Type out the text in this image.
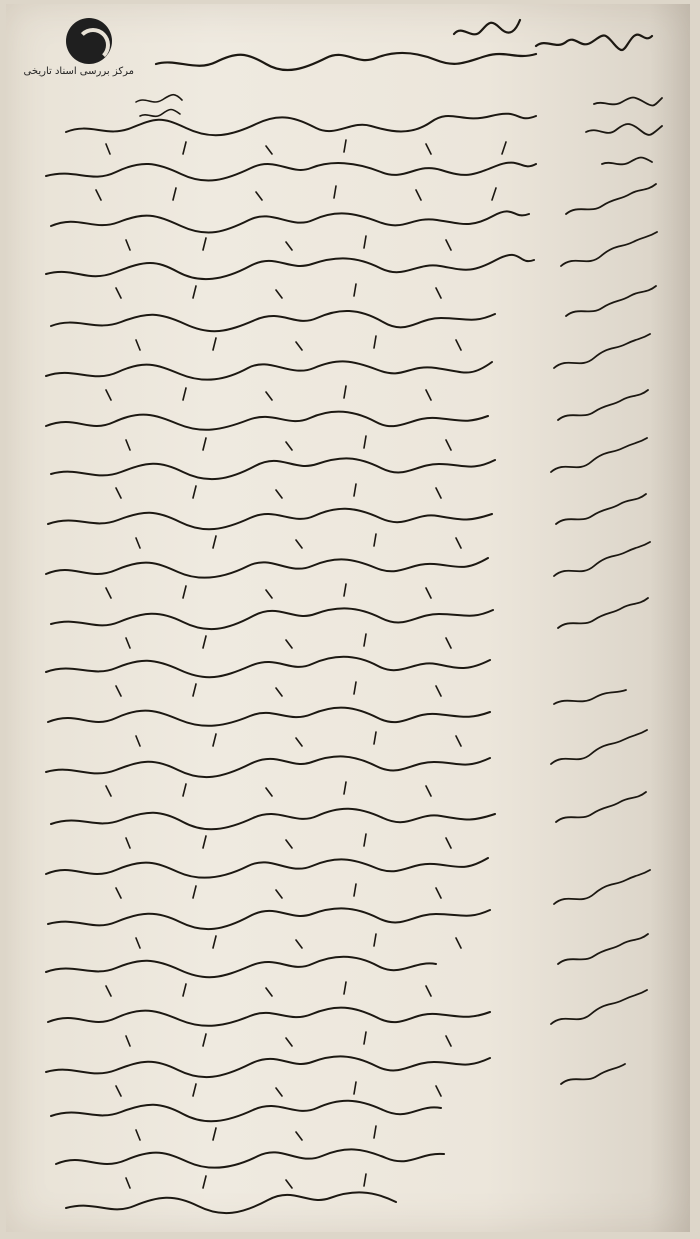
مرکز بررسی اسناد تاریخی
